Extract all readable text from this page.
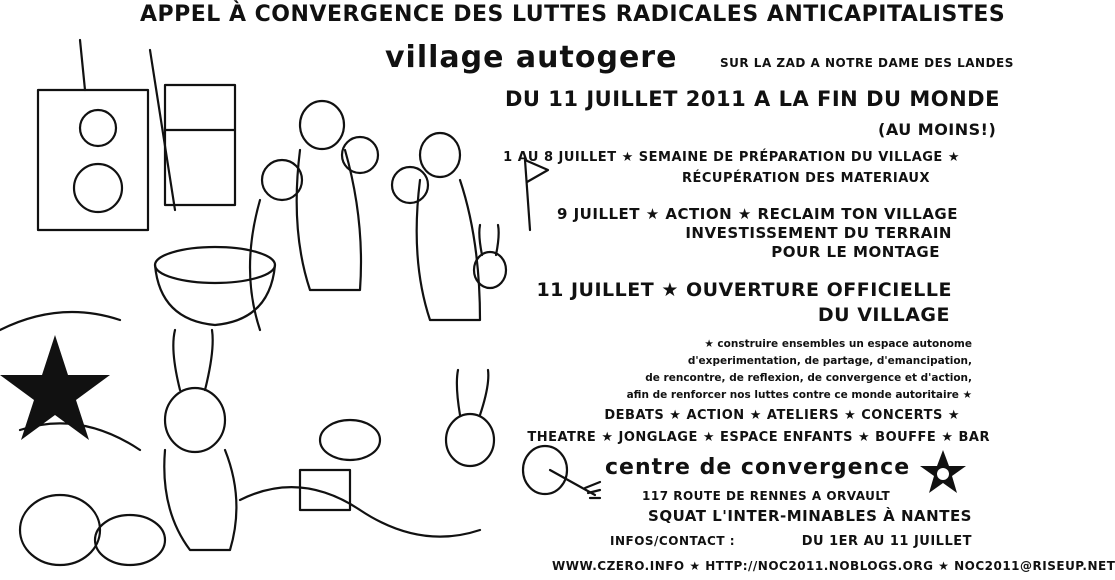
APPEL À CONVERGENCE DES LUTTES RADICALES ANTICAPITALISTES
village autogere	SUR LA ZAD A NOTRE DAME DES LANDES
DU 11 JUILLET 2011 A LA FIN DU MONDE
(AU MOINS!)
1 AU 8 JUILLET ★ SEMAINE DE PRÉPARATION DU VILLAGE ★
RÉCUPÉRATION DES MATERIAUX
9 JUILLET ★ ACTION ★ RECLAIM TON VILLAGE
INVESTISSEMENT DU TERRAIN
POUR LE MONTAGE
11 JUILLET ★ OUVERTURE OFFICIELLE
DU VILLAGE
★ construire ensembles un espace autonome
d'experimentation, de partage, d'emancipation,
de rencontre, de reflexion, de convergence et d'action,
afin de renforcer nos luttes contre ce monde autoritaire ★
DEBATS ★ ACTION ★ ATELIERS ★ CONCERTS ★
THEATRE ★ JONGLAGE ★ ESPACE ENFANTS ★ BOUFFE ★ BAR
centre de convergence
117 ROUTE DE RENNES A ORVAULT
SQUAT L'INTER-MINABLES À NANTES
INFOS/CONTACT :	DU 1ER AU 11 JUILLET
WWW.CZERO.INFO ★ HTTP://NOC2011.NOBLOGS.ORG ★ NOC2011@RISEUP.NET
